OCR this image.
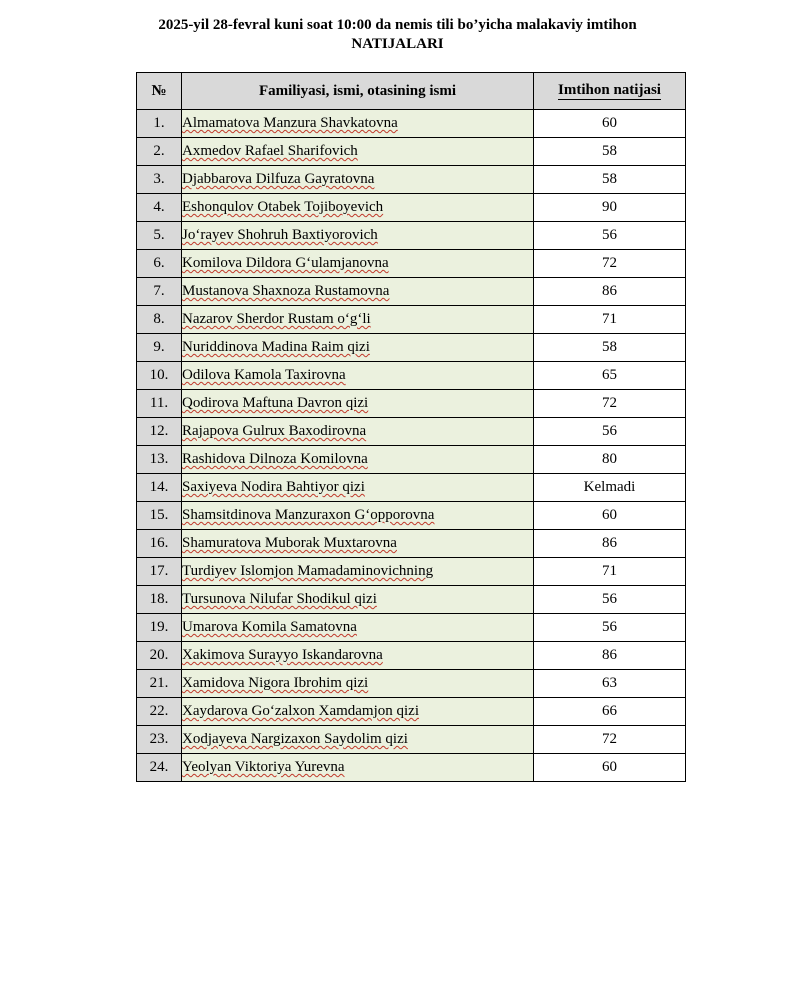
2025-yil 28-fevral kuni soat 10:00 da nemis tili bo’yicha malakaviy imtihon
NATIJALARI
№	Familiyasi, ismi, otasining ismi	Imtihon natijasi
1.	Almamatova Manzura Shavkatovna	60
2.	Axmedov Rafael Sharifovich	58
3.	Djabbarova Dilfuza Gayratovna	58
4.	Eshonqulov Otabek Tojiboyevich	90
5.	Jo‘rayev Shohruh Baxtiyorovich	56
6.	Komilova Dildora G‘ulamjanovna	72
7.	Mustanova Shaxnoza Rustamovna	86
8.	Nazarov Sherdor Rustam o‘g‘li	71
9.	Nuriddinova Madina Raim qizi	58
10.	Odilova Kamola Taxirovna	65
11.	Qodirova Maftuna Davron qizi	72
12.	Rajapova Gulrux Baxodirovna	56
13.	Rashidova Dilnoza Komilovna	80
14.	Saxiyeva Nodira Bahtiyor qizi	Kelmadi
15.	Shamsitdinova Manzuraxon G‘opporovna	60
16.	Shamuratova Muborak Muxtarovna	86
17.	Turdiyev Islomjon Mamadaminovichning	71
18.	Tursunova Nilufar Shodikul qizi	56
19.	Umarova Komila Samatovna	56
20.	Xakimova Surayyo Iskandarovna	86
21.	Xamidova Nigora Ibrohim qizi	63
22.	Xaydarova Go‘zalxon Xamdamjon qizi	66
23.	Xodjayeva Nargizaxon Saydolim qizi	72
24.	Yeolyan Viktoriya Yurevna	60
